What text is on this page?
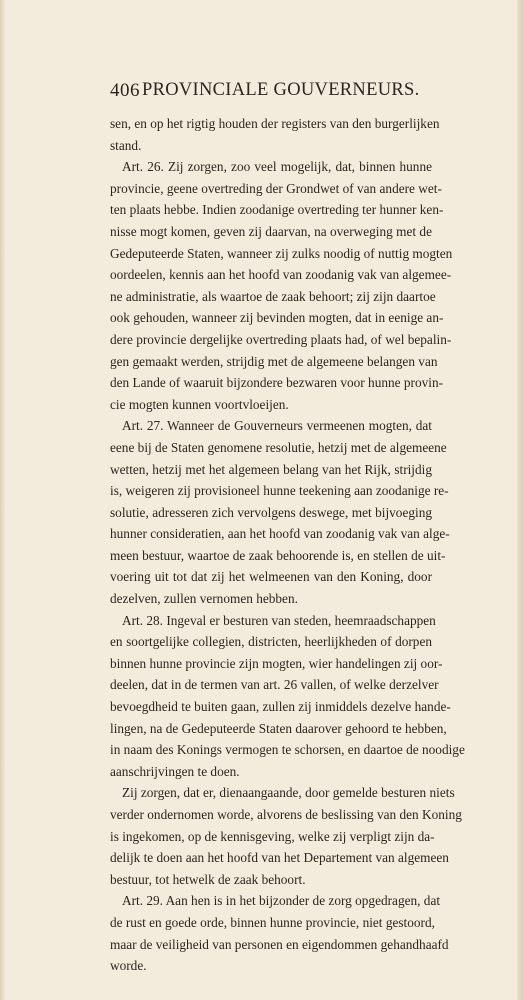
406 PROVINCIALE GOUVERNEURS.
sen, en op het rigtig houden der registers van den burgerlijken
stand.
Art. 26. Zij zorgen, zoo veel mogelijk, dat, binnen hunne
provincie, geene overtreding der Grondwet of van andere wet-
ten plaats hebbe. Indien zoodanige overtreding ter hunner ken-
nisse mogt komen, geven zij daarvan, na overweging met de
Gedeputeerde Staten, wanneer zij zulks noodig of nuttig mogten
oordeelen, kennis aan het hoofd van zoodanig vak van algemee-
ne administratie, als waartoe de zaak behoort; zij zijn daartoe
ook gehouden, wanneer zij bevinden mogten, dat in eenige an-
dere provincie dergelijke overtreding plaats had, of wel bepalin-
gen gemaakt werden, strijdig met de algemeene belangen van
den Lande of waaruit bijzondere bezwaren voor hunne provin-
cie mogten kunnen voortvloeijen.
Art. 27. Wanneer de Gouverneurs vermeenen mogten, dat
eene bij de Staten genomene resolutie, hetzij met de algemeene
wetten, hetzij met het algemeen belang van het Rijk, strijdig
is, weigeren zij provisioneel hunne teekening aan zoodanige re-
solutie, adresseren zich vervolgens deswege, met bijvoeging
hunner consideratien, aan het hoofd van zoodanig vak van alge-
meen bestuur, waartoe de zaak behoorende is, en stellen de uit-
voering uit tot dat zij het welmeenen van den Koning, door
dezelven, zullen vernomen hebben.
Art. 28. Ingeval er besturen van steden, heemraadschappen
en soortgelijke collegien, districten, heerlijkheden of dorpen
binnen hunne provincie zijn mogten, wier handelingen zij oor-
deelen, dat in de termen van art. 26 vallen, of welke derzelver
bevoegdheid te buiten gaan, zullen zij inmiddels dezelve hande-
lingen, na de Gedeputeerde Staten daarover gehoord te hebben,
in naam des Konings vermogen te schorsen, en daartoe de noodige
aanschrijvingen te doen.
Zij zorgen, dat er, dienaangaande, door gemelde besturen niets
verder ondernomen worde, alvorens de beslissing van den Koning
is ingekomen, op de kennisgeving, welke zij verpligt zijn da-
delijk te doen aan het hoofd van het Departement van algemeen
bestuur, tot hetwelk de zaak behoort.
Art. 29. Aan hen is in het bijzonder de zorg opgedragen, dat
de rust en goede orde, binnen hunne provincie, niet gestoord,
maar de veiligheid van personen en eigendommen gehandhaafd
worde.
